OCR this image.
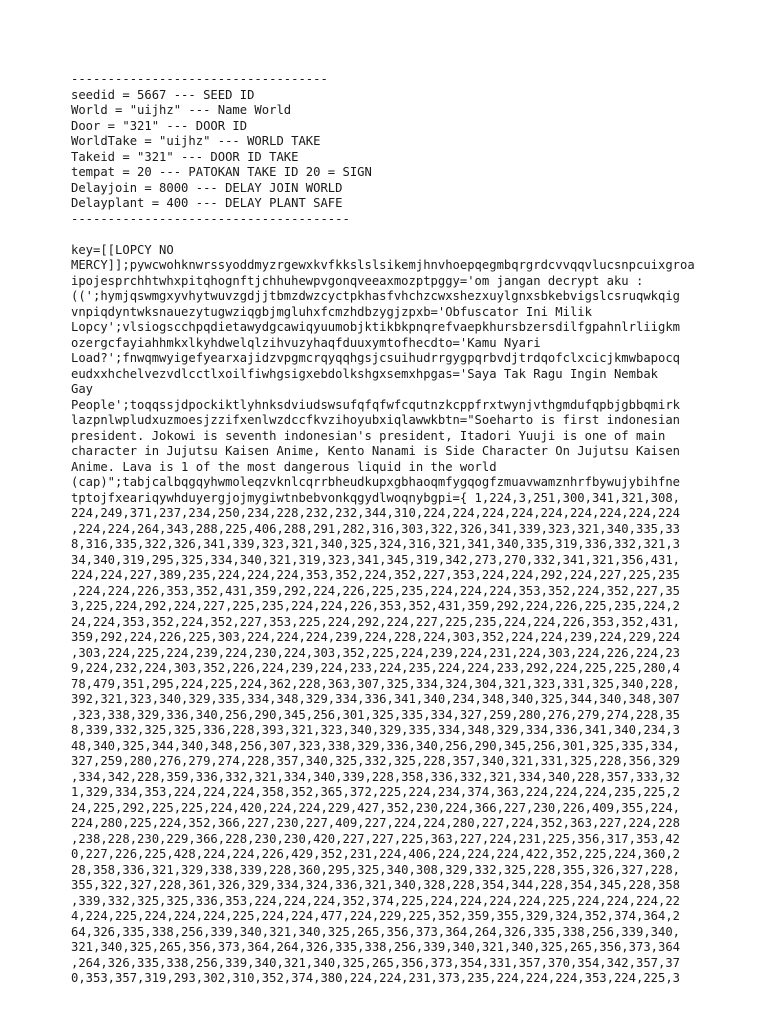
-----------------------------------
seedid = 5667 --- SEED ID
World = "uijhz" --- Name World
Door = "321" --- DOOR ID
WorldTake = "uijhz" --- WORLD TAKE
Takeid = "321" --- DOOR ID TAKE
tempat = 20 --- PATOKAN TAKE ID 20 = SIGN
Delayjoin = 8000 --- DELAY JOIN WORLD
Delayplant = 400 --- DELAY PLANT SAFE
--------------------------------------
key=[[LOPCY NO
MERCY]];pywcwohknwrssyoddmyzrgewxkvfkkslslsikemjhnvhoepqegmbqrgrdcvvqqvlucsnpcuixgroa
ipojesprchhtwhxpitqhognftjchhuhewpvgonqveeaxmozptpggy='om jangan decrypt aku :
((';hymjqswmgxyvhytwuvzgdjjtbmzdwzcyctpkhasfvhchzcwxshezxuylgnxsbkebvigslcsruqwkqig
vnpiqdyntwksnauezytugwziqgbjmgluhxfcmzhdbzygjzpxb='Obfuscator Ini Milik
Lopcy';vlsiogscchpqdietawydgcawiqyuumobjktikbkpnqrefvaepkhursbzersdilfgpahnlrliigkm
ozergcfayiahhmkxlkyhdwelqlzihvuzyhaqfduuxymtofhecdto='Kamu Nyari
Load?';fnwqmwyigefyearxajidzvpgmcrqyqqhgsjcsuihudrrgygpqrbvdjtrdqofclxcicjkmwbapocq
eudxxhchelvezvdlcctlxoilfiwhgsigxebdolkshgxsemxhpgas='Saya Tak Ragu Ingin Nembak
Gay
People';toqqssjdpockiktlyhnksdviudswsufqfqfwfcqutnzkcppfrxtwynjvthgmdufqpbjgbbqmirk
lazpnlwpludxuzmoesjzzifxenlwzdccfkvzihoyubxiqlawwkbtn="Soeharto is first indonesian
president. Jokowi is seventh indonesian's president, Itadori Yuuji is one of main
character in Jujutsu Kaisen Anime, Kento Nanami is Side Character On Jujutsu Kaisen
Anime. Lava is 1 of the most dangerous liquid in the world
(cap)";tabjcalbqgqyhwmoleqzvknlcqrrbheudkupxgbhaoqmfygqogfzmuavwamznhrfbywujybihfne
tptojfxeariqywhduyergjojmygiwtnbebvonkqgydlwoqnybgpi={ 1,224,3,251,300,341,321,308,
224,249,371,237,234,250,234,228,232,232,344,310,224,224,224,224,224,224,224,224,224
,224,224,264,343,288,225,406,288,291,282,316,303,322,326,341,339,323,321,340,335,33
8,316,335,322,326,341,339,323,321,340,325,324,316,321,341,340,335,319,336,332,321,3
34,340,319,295,325,334,340,321,319,323,341,345,319,342,273,270,332,341,321,356,431,
224,224,227,389,235,224,224,224,353,352,224,352,227,353,224,224,292,224,227,225,235
,224,224,226,353,352,431,359,292,224,226,225,235,224,224,224,353,352,224,352,227,35
3,225,224,292,224,227,225,235,224,224,226,353,352,431,359,292,224,226,225,235,224,2
24,224,353,352,224,352,227,353,225,224,292,224,227,225,235,224,224,226,353,352,431,
359,292,224,226,225,303,224,224,224,239,224,228,224,303,352,224,224,239,224,229,224
,303,224,225,224,239,224,230,224,303,352,225,224,239,224,231,224,303,224,226,224,23
9,224,232,224,303,352,226,224,239,224,233,224,235,224,224,233,292,224,225,225,280,4
78,479,351,295,224,225,224,362,228,363,307,325,334,324,304,321,323,331,325,340,228,
392,321,323,340,329,335,334,348,329,334,336,341,340,234,348,340,325,344,340,348,307
,323,338,329,336,340,256,290,345,256,301,325,335,334,327,259,280,276,279,274,228,35
8,339,332,325,325,336,228,393,321,323,340,329,335,334,348,329,334,336,341,340,234,3
48,340,325,344,340,348,256,307,323,338,329,336,340,256,290,345,256,301,325,335,334,
327,259,280,276,279,274,228,357,340,325,332,325,228,357,340,321,331,325,228,356,329
,334,342,228,359,336,332,321,334,340,339,228,358,336,332,321,334,340,228,357,333,32
1,329,334,353,224,224,224,358,352,365,372,225,224,234,374,363,224,224,224,235,225,2
24,225,292,225,225,224,420,224,224,229,427,352,230,224,366,227,230,226,409,355,224,
224,280,225,224,352,366,227,230,227,409,227,224,224,280,227,224,352,363,227,224,228
,238,228,230,229,366,228,230,230,420,227,227,225,363,227,224,231,225,356,317,353,42
0,227,226,225,428,224,224,226,429,352,231,224,406,224,224,224,422,352,225,224,360,2
28,358,336,321,329,338,339,228,360,295,325,340,308,329,332,325,228,355,326,327,228,
355,322,327,228,361,326,329,334,324,336,321,340,328,228,354,344,228,354,345,228,358
,339,332,325,325,336,353,224,224,224,352,374,225,224,224,224,224,225,224,224,224,22
4,224,225,224,224,224,225,224,224,477,224,229,225,352,359,355,329,324,352,374,364,2
64,326,335,338,256,339,340,321,340,325,265,356,373,364,264,326,335,338,256,339,340,
321,340,325,265,356,373,364,264,326,335,338,256,339,340,321,340,325,265,356,373,364
,264,326,335,338,256,339,340,321,340,325,265,356,373,354,331,357,370,354,342,357,37
0,353,357,319,293,302,310,352,374,380,224,224,231,373,235,224,224,224,353,224,225,3
